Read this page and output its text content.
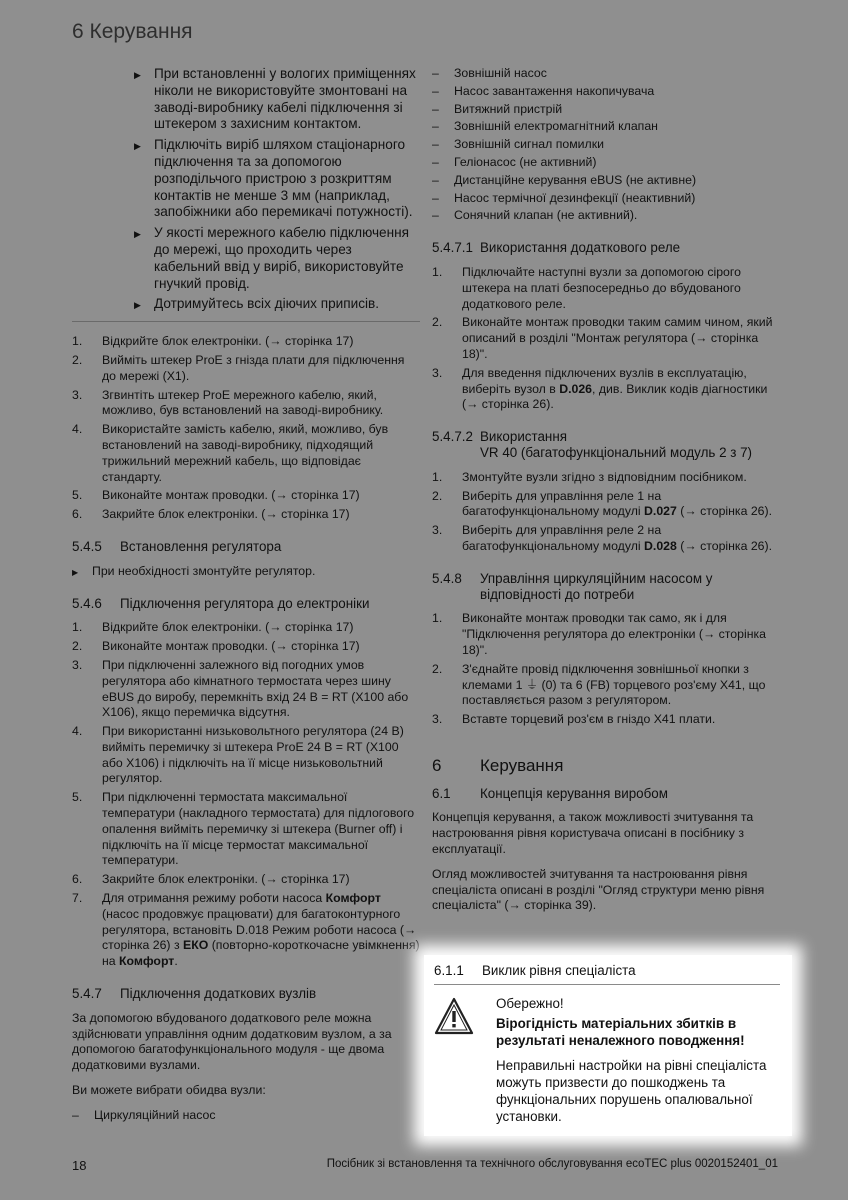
6 Керування
▶ При встановленні у вологих приміщеннях ніколи не використовуйте змонтовані на заводі-виробнику кабелі підключення зі штекером з захисним контактом.
▶ Підключіть виріб шляхом стаціонарного підключення та за допомогою розподільчого пристрою з розкриттям контактів не менше 3 мм (наприклад, запобіжники або перемикачі потужності).
▶ У якості мережного кабелю підключення до мережі, що проходить через кабельний ввід у виріб, використовуйте гнучкий провід.
▶ Дотримуйтесь всіх діючих приписів.
1. Відкрийте блок електроніки. (→ сторінка 17)
2. Вийміть штекер ProE з гнізда плати для підключення до мережі (X1).
3. Згвинтіть штекер ProE мережного кабелю, який, можливо, був встановлений на заводі-виробнику.
4. Використайте замість кабелю, який, можливо, був встановлений на заводі-виробнику, підходящий трижильний мережний кабель, що відповідає стандарту.
5. Виконайте монтаж проводки. (→ сторінка 17)
6. Закрийте блок електроніки. (→ сторінка 17)
5.4.5	Встановлення регулятора
▶ При необхідності змонтуйте регулятор.
5.4.6	Підключення регулятора до електроніки
1. Відкрийте блок електроніки. (→ сторінка 17)
2. Виконайте монтаж проводки. (→ сторінка 17)
3. При підключенні залежного від погодних умов регулятора або кімнатного термостата через шину eBUS до виробу, перемкніть вхід 24 В = RT (X100 або X106), якщо перемичка відсутня.
4. При використанні низьковольтного регулятора (24 В) вийміть перемичку зі штекера ProE 24 В = RT (X100 або X106) і підключіть на її місце низьковольтний регулятор.
5. При підключенні термостата максимальної температури (накладного термостата) для підлогового опалення вийміть перемичку зі штекера (Burner off) і підключіть на її місце термостат максимальної температури.
6. Закрийте блок електроніки. (→ сторінка 17)
7. Для отримання режиму роботи насоса Комфорт (насос продовжує працювати) для багатоконтурного регулятора, встановіть D.018 Режим роботи насоса (→ сторінка 26) з ЕКО (повторно-короткочасне увімкнення) на Комфорт.
5.4.7	Підключення додаткових вузлів

За допомогою вбудованого додаткового реле можна здійснювати управління одним додатковим вузлом, а за допомогою багатофункціонального модуля - ще двома додатковими вузлами.

Ви можете вибрати обидва вузли:

– Циркуляційний насос
– Зовнішній насос
– Насос завантаження накопичувача
– Витяжний пристрій
– Зовнішній електромагнітний клапан
– Зовнішній сигнал помилки
– Геліонасос (не активний)
– Дистанційне керування eBUS (не активне)
– Насос термічної дезинфекції (неактивний)
– Сонячний клапан (не активний).
5.4.7.1 Використання додаткового реле
1. Підключайте наступні вузли за допомогою сірого штекера на платі безпосередньо до вбудованого додаткового реле.
2. Виконайте монтаж проводки таким самим чином, який описаний в розділі "Монтаж регулятора (→ сторінка 18)".
3. Для введення підключених вузлів в експлуатацію, виберіть вузол в D.026, див. Виклик кодів діагностики (→ сторінка 26).
5.4.7.2 Використання
VR 40 (багатофункціональний модуль 2 з 7)
1. Змонтуйте вузли згідно з відповідним посібником.
2. Виберіть для управління реле 1 на багатофункціональному модулі D.027 (→ сторінка 26).
3. Виберіть для управління реле 2 на багатофункціональному модулі D.028 (→ сторінка 26).
5.4.8	Управління циркуляційним насосом у відповідності до потреби
1. Виконайте монтаж проводки так само, як і для "Підключення регулятора до електроніки (→ сторінка 18)".
2. З'єднайте провід підключення зовнішньої кнопки з клемами 1 ⏚ (0) та 6 (FB) торцевого роз'єму X41, що поставляється разом з регулятором.
3. Вставте торцевий роз'єм в гніздо X41 плати.
6	Керування
6.1	Концепція керування виробом

Концепція керування, а також можливості зчитування та настроювання рівня користувача описані в посібнику з експлуатації.

Огляд можливостей зчитування та настроювання рівня спеціаліста описані в розділі "Огляд структури меню рівня спеціаліста" (→ сторінка 39).

6.1.1	Виклик рівня спеціаліста
Обережно!
Вірогідність матеріальних збитків в результаті неналежного поводження!
Неправильні настройки на рівні спеціаліста можуть призвести до пошкоджень та функціональних порушень опалювальної установки.
18	Посібник зі встановлення та технічного обслуговування ecoTEC plus 0020152401_01
